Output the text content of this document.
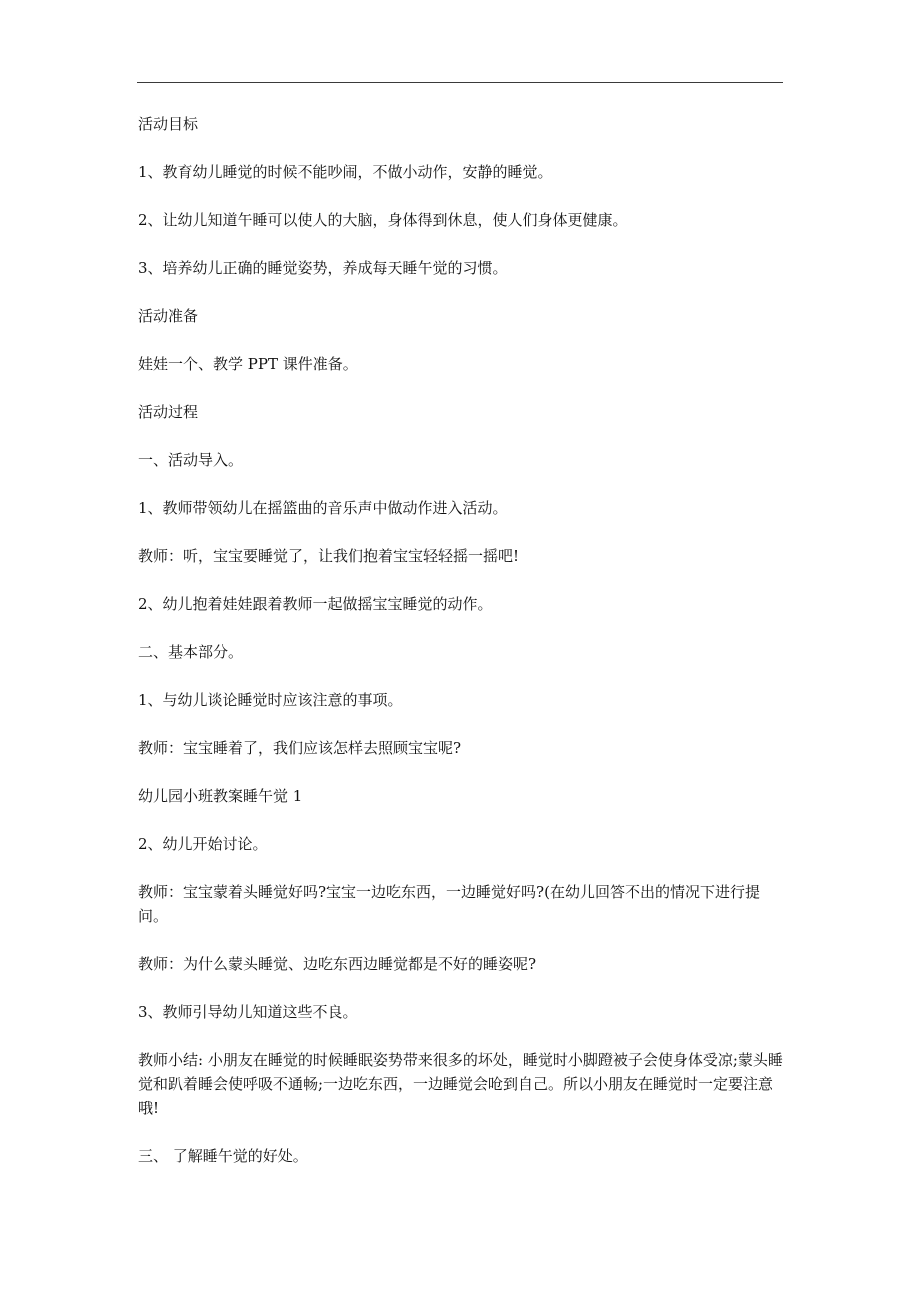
活动目标

1、教育幼儿睡觉的时候不能吵闹，不做小动作，安静的睡觉。

2、让幼儿知道午睡可以使人的大脑，身体得到休息，使人们身体更健康。

3、培养幼儿正确的睡觉姿势，养成每天睡午觉的习惯。

活动准备

娃娃一个、教学 PPT 课件准备。

活动过程

一、活动导入。

1、教师带领幼儿在摇篮曲的音乐声中做动作进入活动。

教师：听，宝宝要睡觉了，让我们抱着宝宝轻轻摇一摇吧!

2、幼儿抱着娃娃跟着教师一起做摇宝宝睡觉的动作。

二、基本部分。

1、与幼儿谈论睡觉时应该注意的事项。

教师：宝宝睡着了，我们应该怎样去照顾宝宝呢?

幼儿园小班教案睡午觉 1

2、幼儿开始讨论。

教师：宝宝蒙着头睡觉好吗?宝宝一边吃东西，一边睡觉好吗?(在幼儿回答不出的情况下进行提问。

教师：为什么蒙头睡觉、边吃东西边睡觉都是不好的睡姿呢?

3、教师引导幼儿知道这些不良。

教师小结: 小朋友在睡觉的时候睡眠姿势带来很多的坏处，睡觉时小脚蹬被子会使身体受凉;蒙头睡觉和趴着睡会使呼吸不通畅;一边吃东西，一边睡觉会呛到自己。所以小朋友在睡觉时一定要注意哦!

三、 了解睡午觉的好处。
